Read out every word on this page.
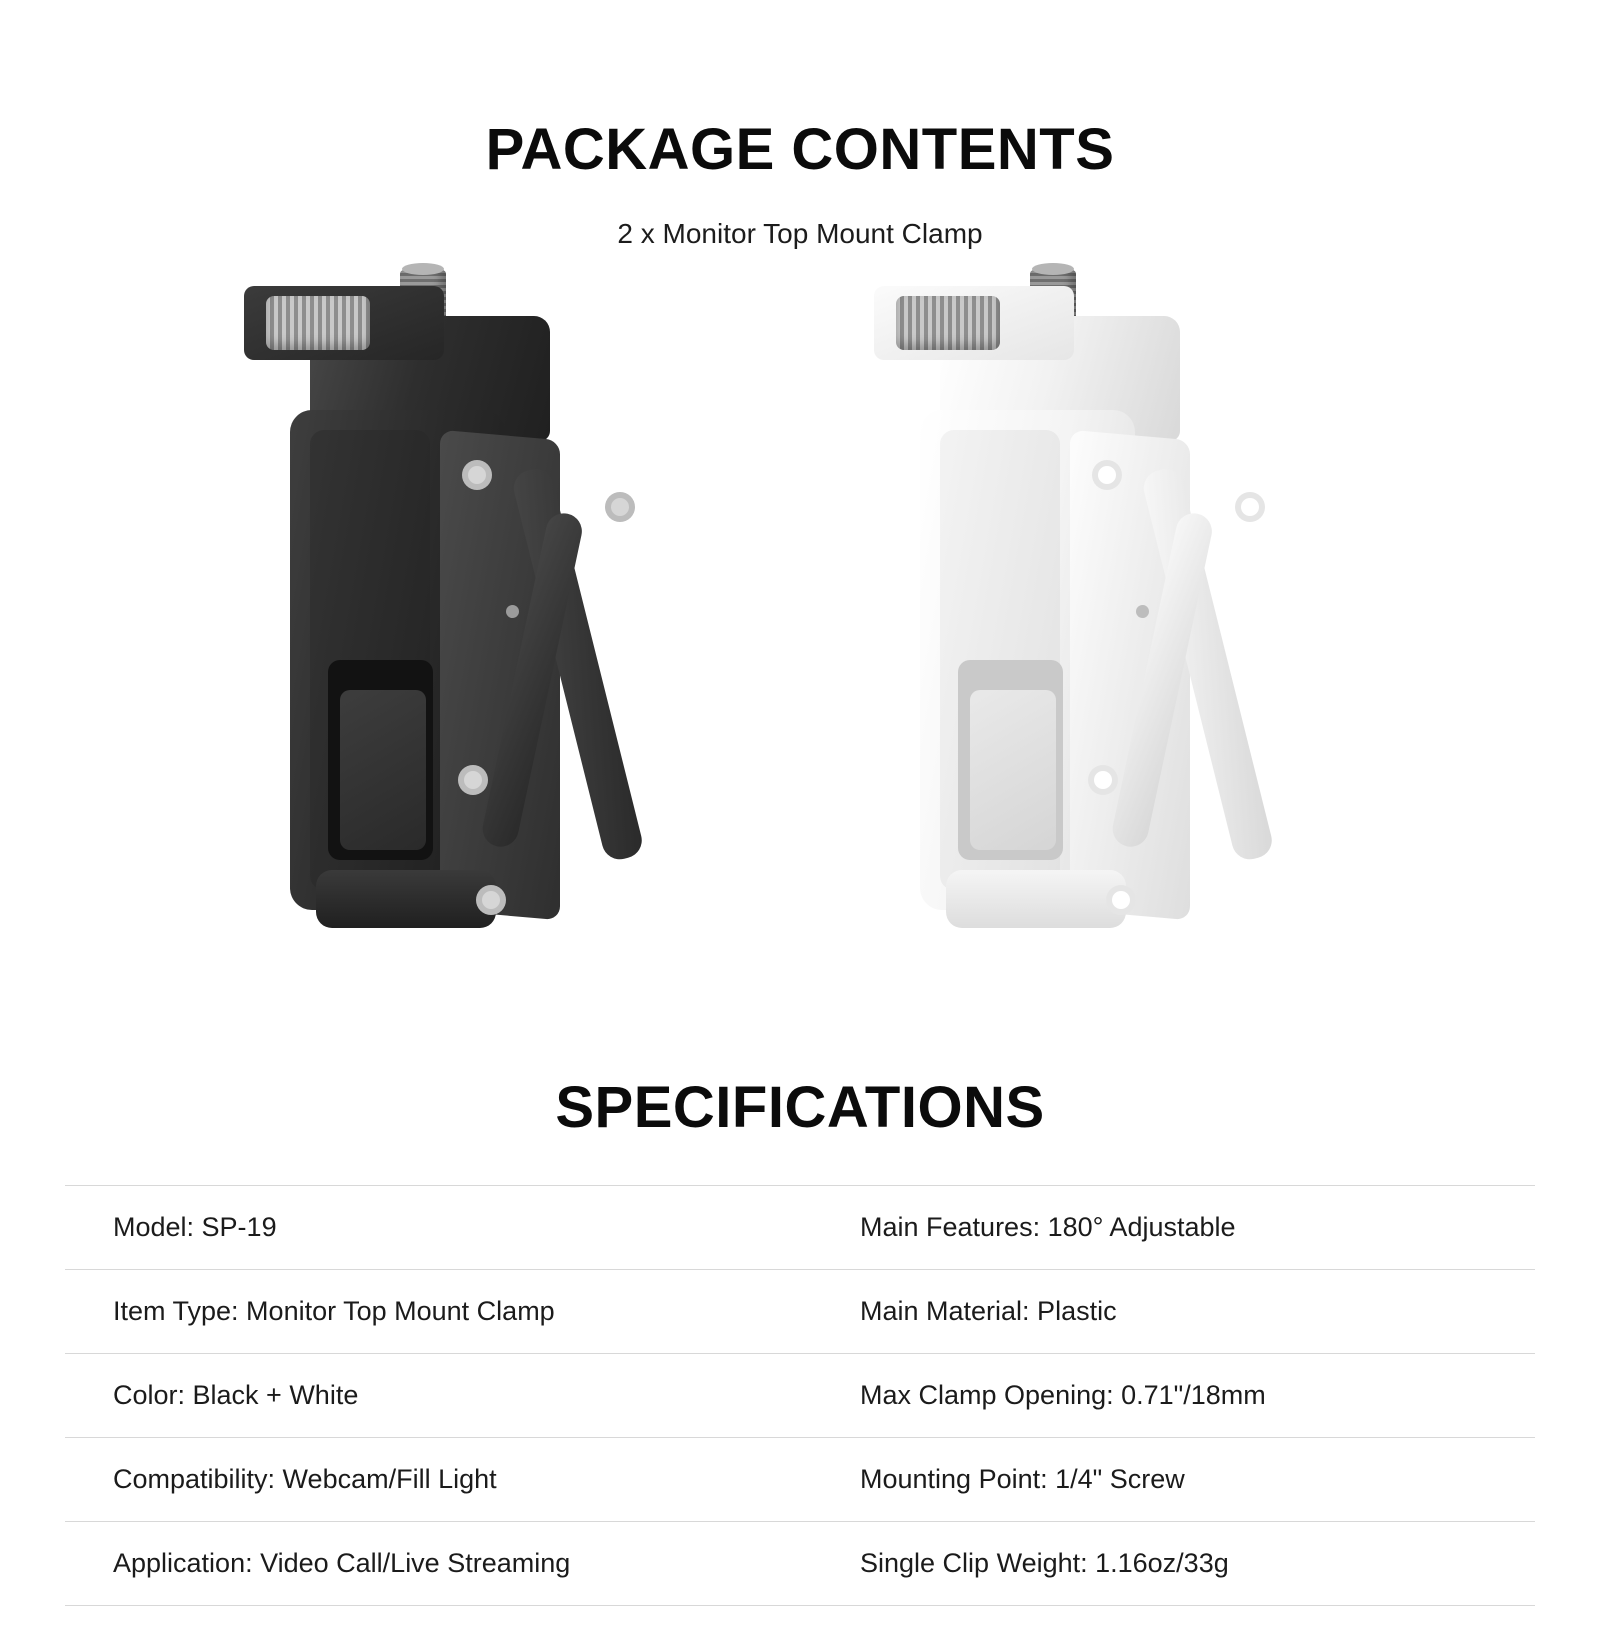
PACKAGE CONTENTS
2 x Monitor Top Mount Clamp
SPECIFICATIONS
Model: SP-19	Main Features: 180° Adjustable
Item Type: Monitor Top Mount Clamp	Main Material: Plastic
Color: Black + White	Max Clamp Opening: 0.71"/18mm
Compatibility: Webcam/Fill Light	Mounting Point: 1/4" Screw
Application: Video Call/Live Streaming	Single Clip Weight: 1.16oz/33g
